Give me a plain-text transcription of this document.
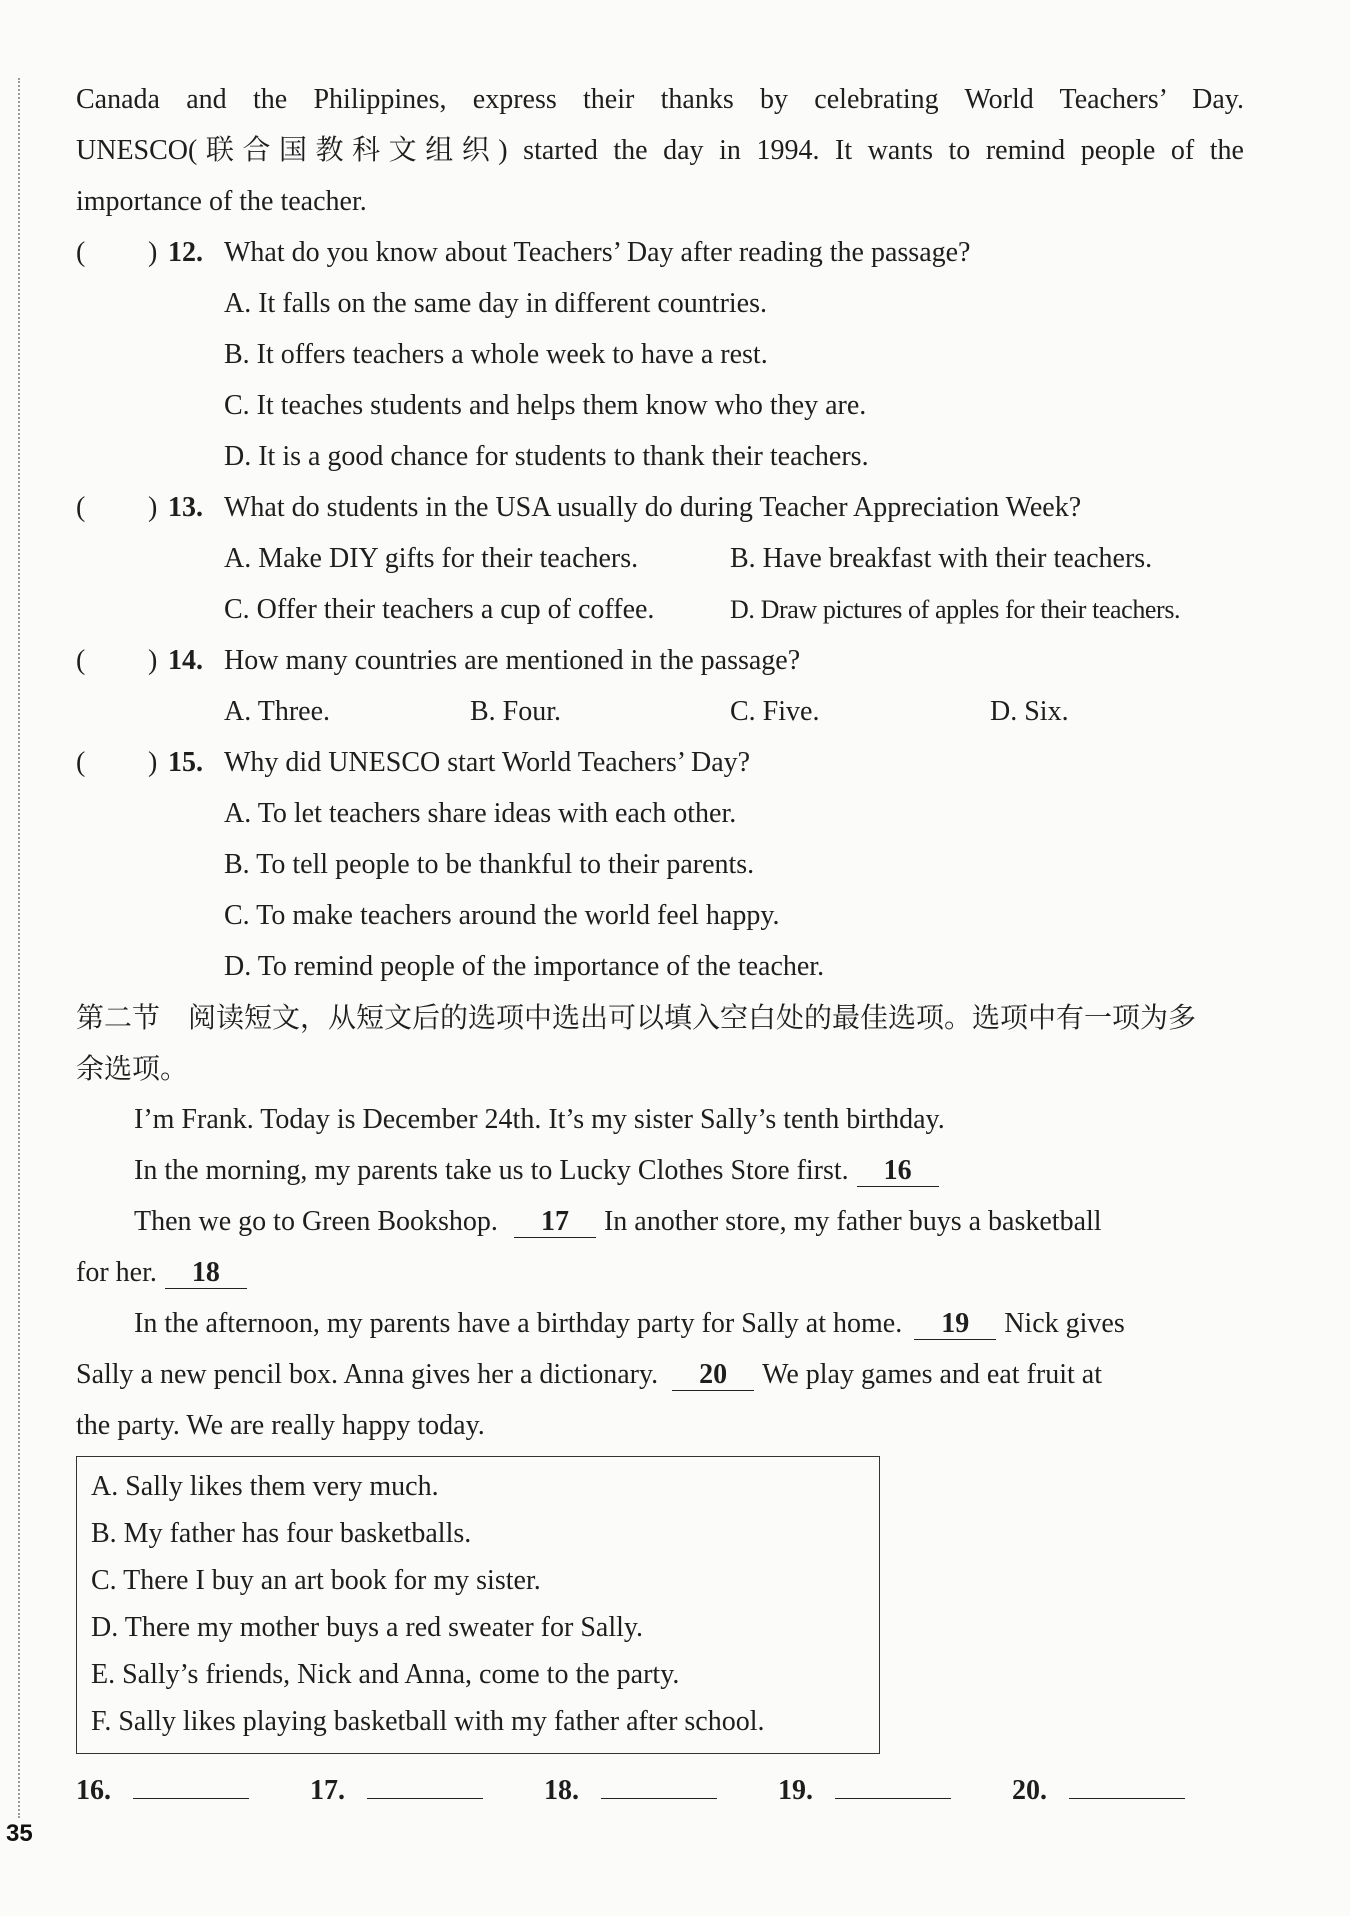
35
Canada and the Philippines, express their thanks by celebrating World Teachers’ Day.
UNESCO(联合国教科文组织) started the day in 1994. It wants to remind people of the
importance of the teacher.
( ) 12. What do you know about Teachers’ Day after reading the passage?
A. It falls on the same day in different countries.
B. It offers teachers a whole week to have a rest.
C. It teaches students and helps them know who they are.
D. It is a good chance for students to thank their teachers.
( ) 13. What do students in the USA usually do during Teacher Appreciation Week?
A. Make DIY gifts for their teachers.	B. Have breakfast with their teachers.
C. Offer their teachers a cup of coffee.	D. Draw pictures of apples for their teachers.
( ) 14. How many countries are mentioned in the passage?
A. Three.	B. Four.	C. Five.	D. Six.
( ) 15. Why did UNESCO start World Teachers’ Day?
A. To let teachers share ideas with each other.
B. To tell people to be thankful to their parents.
C. To make teachers around the world feel happy.
D. To remind people of the importance of the teacher.
第二节　阅读短文，从短文后的选项中选出可以填入空白处的最佳选项。选项中有一项为多
余选项。
I’m Frank. Today is December 24th. It’s my sister Sally’s tenth birthday.
In the morning, my parents take us to Lucky Clothes Store first. 16
Then we go to Green Bookshop. 17 In another store, my father buys a basketball
for her. 18
In the afternoon, my parents have a birthday party for Sally at home. 19 Nick gives
Sally a new pencil box. Anna gives her a dictionary. 20 We play games and eat fruit at
the party. We are really happy today.
A. Sally likes them very much.
B. My father has four basketballs.
C. There I buy an art book for my sister.
D. There my mother buys a red sweater for Sally.
E. Sally’s friends, Nick and Anna, come to the party.
F. Sally likes playing basketball with my father after school.
16.	17.	18.	19.	20.
